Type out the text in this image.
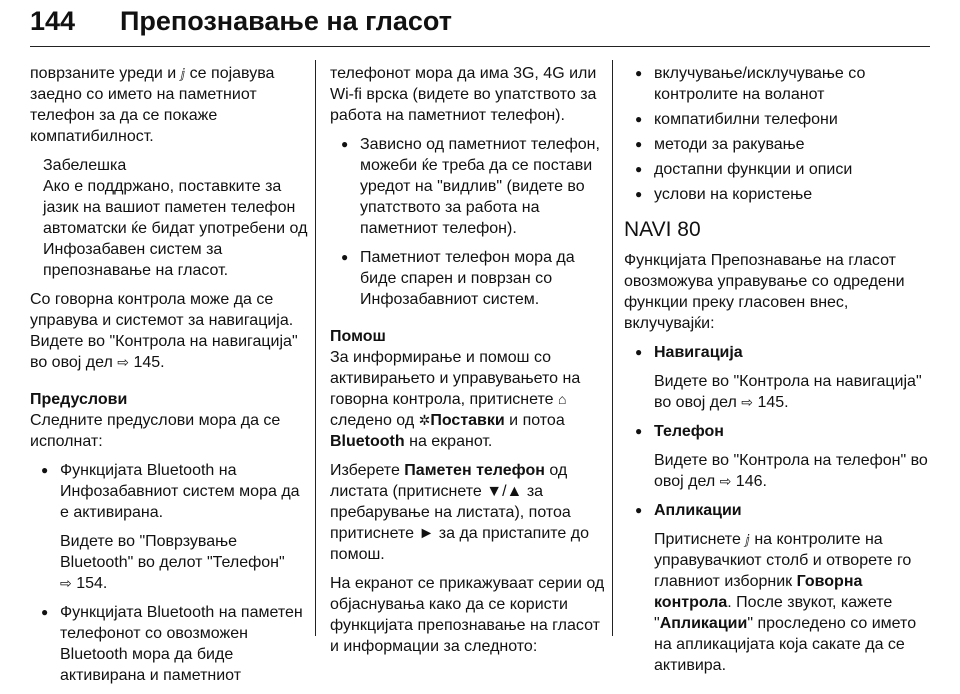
144	Препознавање на гласот

поврзаните уреди и ⅉ се појавува заедно со името на паметниот телефон за да се покаже компатибилност.

Забелешка
Ако е поддржано, поставките за јазик на вашиот паметен телефон автоматски ќе бидат употребени од Инфозабавен систем за препознавање на гласот.

Со говорна контрола може да се управува и системот за навигација. Видете во "Контрола на навигација" во овој дел ⇨ 145.

Предуслови

Следните предуслови мора да се исполнат:

● Функцијата Bluetooth на Инфозабавниот систем мора да е активирана.
Видете во "Поврзување Bluetooth" во делот "Телефон"
⇨ 154.
● Функцијата Bluetooth на паметен телефонот со овозможен Bluetooth мора да биде активирана и паметниот

телефонот мора да има 3G, 4G или Wi-fi врска (видете во упатството за работа на паметниот телефон).

● Зависно од паметниот телефон, можеби ќе треба да се постави уредот на "видлив" (видете во упатството за работа на паметниот телефон).
● Паметниот телефон мора да биде спарен и поврзан со Инфозабавниот систем.
Помош

За информирање и помош со активирањето и управувањето на говорна контрола, притиснете ⌂
следено од ✲Поставки и потоа
Bluetooth на екранот.

Изберете Паметен телефон од листата (притиснете ▼/▲ за пребарување на листата), потоа притиснете ► за да пристапите до помош.

На екранот се прикажуваат серии од објаснувања како да се користи функцијата препознавање на гласот и информации за следното:

● вклучување/исклучување со контролите на воланот
● компатибилни телефони
● методи за ракување
● достапни функции и описи
● услови на користење
NAVI 80

Функцијата Препознавање на гласот овозможува управување со одредени функции преку гласовен внес, вклучувајќи:

● Навигација
Видете во "Контрола на навигација" во овој дел ⇨ 145.
● Телефон
Видете во "Контрола на телефон" во овој дел ⇨ 146.
● Апликации
Притиснете ⅉ на контролите на управувачкиот столб и отворете го главниот изборник Говорна контрола. После звукот, кажете "Апликации" проследено со името на апликацијата која сакате да се активира.
